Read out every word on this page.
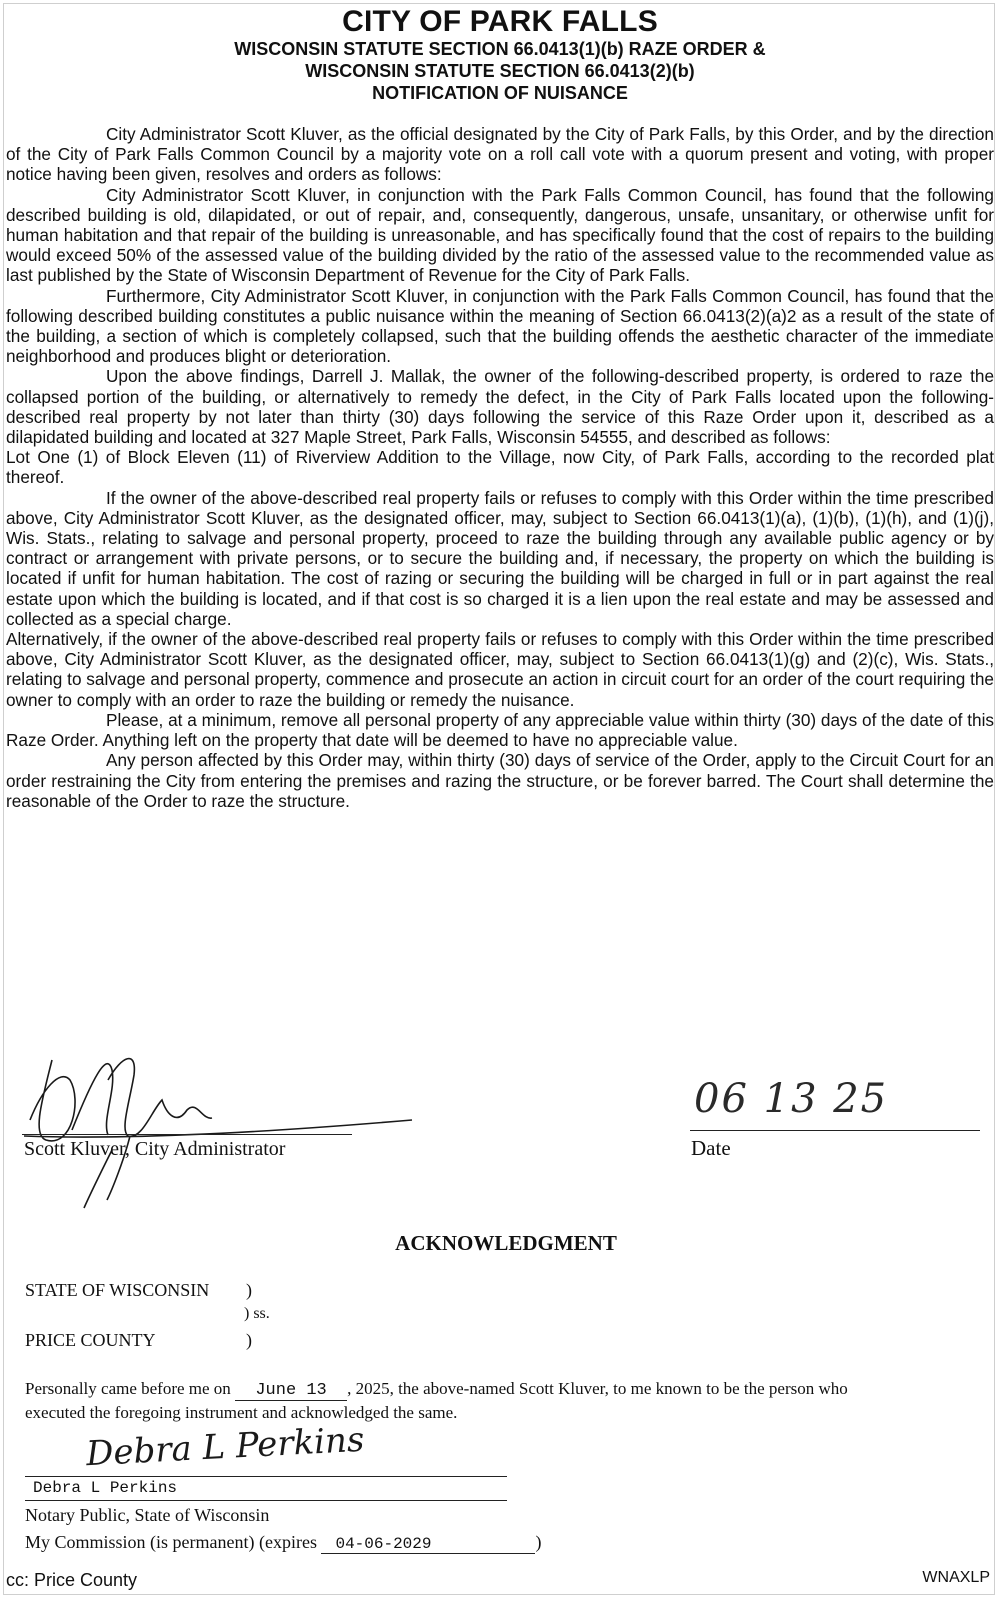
CITY OF PARK FALLS
WISCONSIN STATUTE SECTION 66.0413(1)(b) RAZE ORDER &
WISCONSIN STATUTE SECTION 66.0413(2)(b)
NOTIFICATION OF NUISANCE

City Administrator Scott Kluver, as the official designated by the City of Park Falls, by this Order, and by the direction of the City of Park Falls Common Council by a majority vote on a roll call vote with a quorum present and voting, with proper notice having been given, resolves and orders as follows:

City Administrator Scott Kluver, in conjunction with the Park Falls Common Council, has found that the following described building is old, dilapidated, or out of repair, and, consequently, dangerous, unsafe, unsanitary, or otherwise unfit for human habitation and that repair of the building is unreasonable, and has specifically found that the cost of repairs to the building would exceed 50% of the assessed value of the building divided by the ratio of the assessed value to the recommended value as last published by the State of Wisconsin Department of Revenue for the City of Park Falls.

Furthermore, City Administrator Scott Kluver, in conjunction with the Park Falls Common Council, has found that the following described building constitutes a public nuisance within the meaning of Section 66.0413(2)(a)2 as a result of the state of the building, a section of which is completely collapsed, such that the building offends the aesthetic character of the immediate neighborhood and produces blight or deterioration.

Upon the above findings, Darrell J. Mallak, the owner of the following-described property, is ordered to raze the collapsed portion of the building, or alternatively to remedy the defect, in the City of Park Falls located upon the following-described real property by not later than thirty (30) days following the service of this Raze Order upon it, described as a dilapidated building and located at 327 Maple Street, Park Falls, Wisconsin 54555, and described as follows:

Lot One (1) of Block Eleven (11) of Riverview Addition to the Village, now City, of Park Falls, according to the recorded plat thereof.

If the owner of the above-described real property fails or refuses to comply with this Order within the time prescribed above, City Administrator Scott Kluver, as the designated officer, may, subject to Section 66.0413(1)(a), (1)(b), (1)(h), and (1)(j), Wis. Stats., relating to salvage and personal property, proceed to raze the building through any available public agency or by contract or arrangement with private persons, or to secure the building and, if necessary, the property on which the building is located if unfit for human habitation. The cost of razing or securing the building will be charged in full or in part against the real estate upon which the building is located, and if that cost is so charged it is a lien upon the real estate and may be assessed and collected as a special charge.

Alternatively, if the owner of the above-described real property fails or refuses to comply with this Order within the time prescribed above, City Administrator Scott Kluver, as the designated officer, may, subject to Section 66.0413(1)(g) and (2)(c), Wis. Stats., relating to salvage and personal property, commence and prosecute an action in circuit court for an order of the court requiring the owner to comply with an order to raze the building or remedy the nuisance.

Please, at a minimum, remove all personal property of any appreciable value within thirty (30) days of the date of this Raze Order. Anything left on the property that date will be deemed to have no appreciable value.

Any person affected by this Order may, within thirty (30) days of service of the Order, apply to the Circuit Court for an order restraining the City from entering the premises and razing the structure, or be forever barred. The Court shall determine the reasonable of the Order to raze the structure.

Scott Kluver, City Administrator
06 13 25
Date
ACKNOWLEDGMENT
STATE OF WISCONSIN )
) ss.
PRICE COUNTY	)
Personally came before me on June 13 , 2025, the above-named Scott Kluver, to me known to be the person who
executed the foregoing instrument and acknowledged the same.
Debra L Perkins
Debra L Perkins
Notary Public, State of Wisconsin
My Commission (is permanent) (expires 04-06-2029	)
cc: Price County	WNAXLP
